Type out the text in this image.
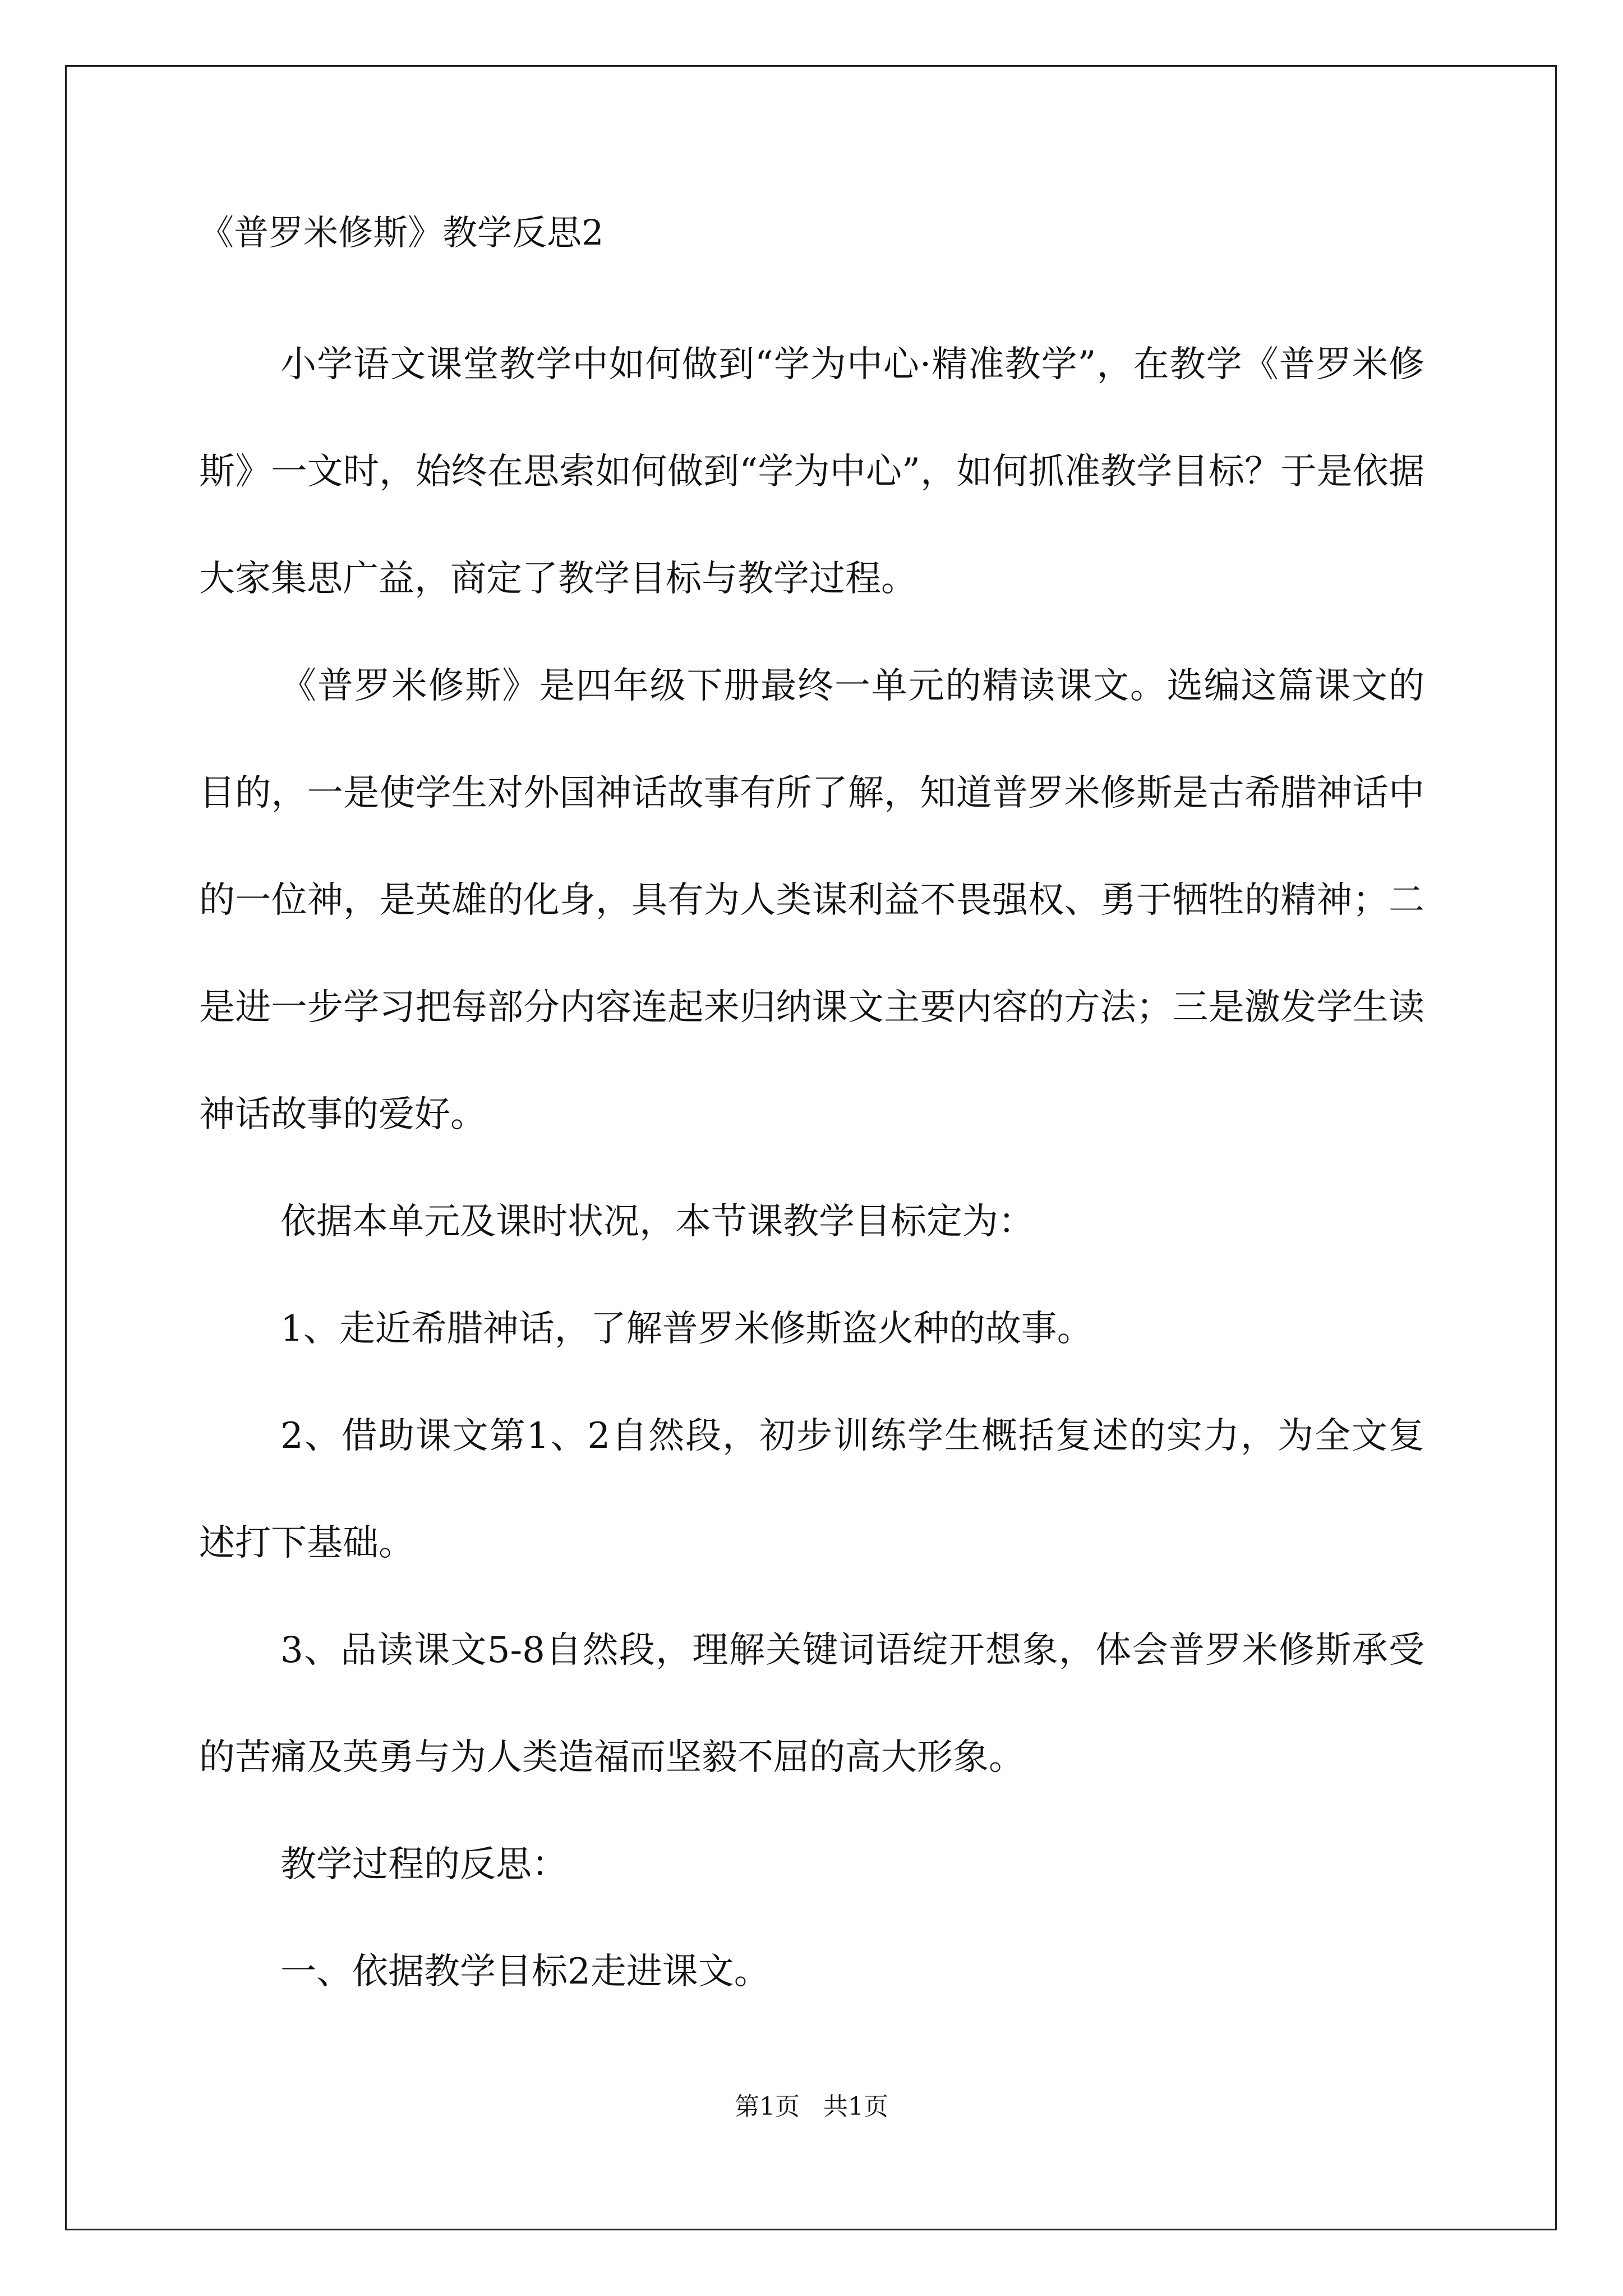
《普罗米修斯》教学反思2

小学语文课堂教学中如何做到“学为中心·精准教学”，在教学《普罗米修斯》一文时，始终在思索如何做到“学为中心”，如何抓准教学目标？于是依据大家集思广益，商定了教学目标与教学过程。

《普罗米修斯》是四年级下册最终一单元的精读课文。选编这篇课文的目的，一是使学生对外国神话故事有所了解，知道普罗米修斯是古希腊神话中的一位神，是英雄的化身，具有为人类谋利益不畏强权、勇于牺牲的精神；二是进一步学习把每部分内容连起来归纳课文主要内容的方法；三是激发学生读神话故事的爱好。

依据本单元及课时状况，本节课教学目标定为：

1、走近希腊神话，了解普罗米修斯盗火种的故事。

2、借助课文第1、2自然段，初步训练学生概括复述的实力，为全文复述打下基础。

3、品读课文5-8自然段，理解关键词语绽开想象，体会普罗米修斯承受的苦痛及英勇与为人类造福而坚毅不屈的高大形象。

教学过程的反思：

一、依据教学目标2走进课文。

第1页   共1页
